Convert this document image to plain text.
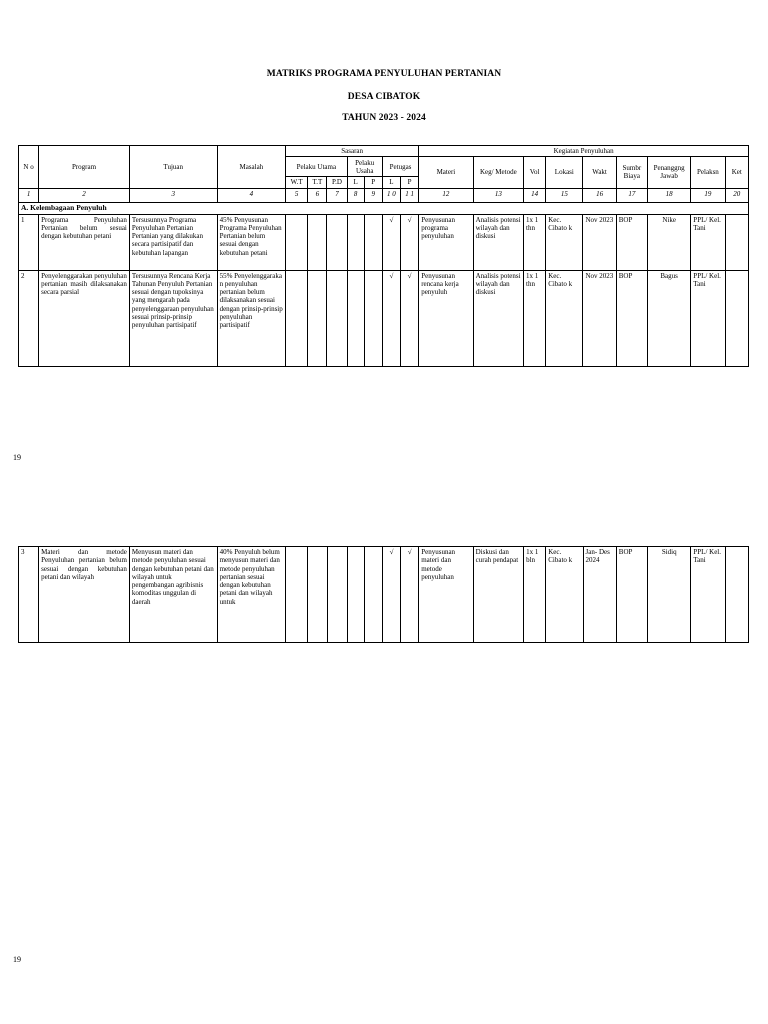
MATRIKS PROGRAMA PENYULUHAN PERTANIAN
DESA CIBATOK
TAHUN 2023 - 2024
N o	Program	Tujuan	Masalah	Sasaran							Kegiatan Penyuluhan								
				Pelaku Utama			Pelaku Usaha		Petugas		Materi	Keg/ Metode	Vol	Lokasi	Wakt	Sumbr Biaya	Penanggng Jawab	Pelaksn	Ket
				W.T	T.T	P.D	L	P	L	P									
1	2	3	4	5	6	7	8	9	1 0	1 1	12	13	14	15	16	17	18	19	20
A. Kelembagaan Penyuluh																			
1	Programa Penyuluhan Pertanian belum sesuai dengan kebutuhan petani	Tersusunnya Programa Penyuluhan Pertanian Pertanian yang dilakukan secara partisipatif dan kebutuhan lapangan	45% Penyusunan Programa Penyuluhan Pertanian belum sesuai dengan kebutuhan petani						√	√	Penyusunan programa penyuluhan	Analisis potensi wilayah dan diskusi	1x 1 thn	Kec. Cibato k	Nov 2023	BOP	Nike	PPL/ Kel. Tani	
2	Penyelenggarakan penyuluhan pertanian masih dilaksanakan secara parsial	Tersusunnya Rencana Kerja Tahunan Penyuluh Pertanian sesuai dengan tupoksinya yang mengarah pada penyelenggaraan penyuluhan sesuai prinsip-prinsip penyuluhan partisipatif	55% Penyelenggaraka n penyuluhan pertanian belum dilaksanakan sesuai dengan prinsip-prinsip penyuluhan partisipatif						√	√	Penyusunan rencana kerja penyuluh	Analisis potensi wilayah dan diskusi	1x 1 thn	Kec. Cibato k	Nov 2023	BOP	Bagus	PPL/ Kel. Tani	
19
3	Materi dan metode Penyuluhan pertanian belum sesuai dengan kebutuhan petani dan wilayah	Menyusun materi dan metode penyuluhan sesuai dengan kebutuhan petani dan wilayah untuk pengembangan agribisnis komoditas unggulan di daerah	40% Penyuluh belum menyusun materi dan metode penyuluhan pertanian sesuai dengan kebutuhan petani dan wilayah untuk						√	√	Penyusunan materi dan metode penyuluhan	Diskusi dan curah pendapat	1x 1 bln	Kec. Cibato k	Jan- Des 2024	BOP	Sidiq	PPL/ Kel. Tani	
19
